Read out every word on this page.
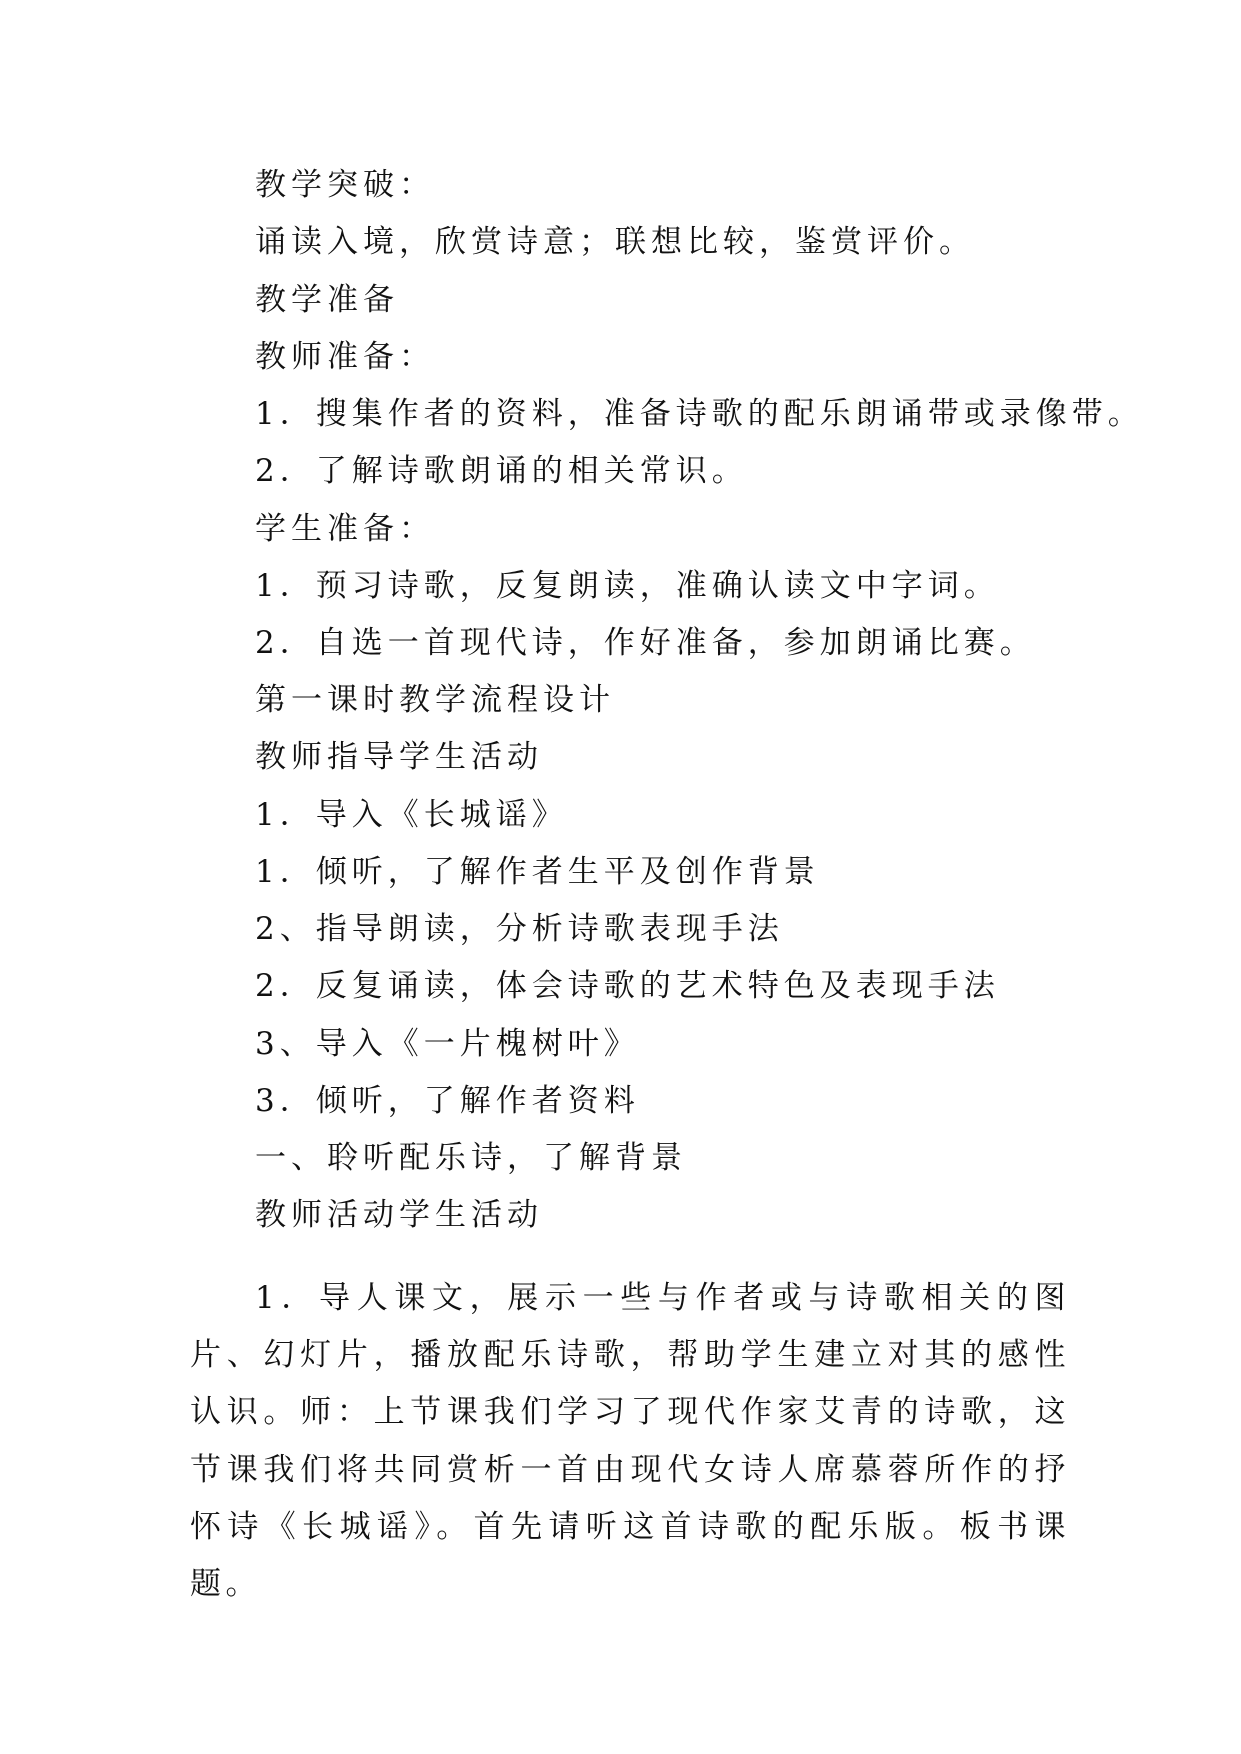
教学突破：
诵读入境，欣赏诗意；联想比较，鉴赏评价。
教学准备
教师准备：
1．搜集作者的资料，准备诗歌的配乐朗诵带或录像带。
2．了解诗歌朗诵的相关常识。
学生准备：
1．预习诗歌，反复朗读，准确认读文中字词。
2．自选一首现代诗，作好准备，参加朗诵比赛。
第一课时教学流程设计
教师指导学生活动
1．导入《长城谣》
1．倾听，了解作者生平及创作背景
2、指导朗读，分析诗歌表现手法
2．反复诵读，体会诗歌的艺术特色及表现手法
3、导入《一片槐树叶》
3．倾听，了解作者资料
一、聆听配乐诗，了解背景
教师活动学生活动

1．导人课文，展示一些与作者或与诗歌相关的图片、幻灯片，播放配乐诗歌，帮助学生建立对其的感性认识。师：上节课我们学习了现代作家艾青的诗歌，这节课我们将共同赏析一首由现代女诗人席慕蓉所作的抒怀诗《长城谣》。首先请听这首诗歌的配乐版。板书课题。
